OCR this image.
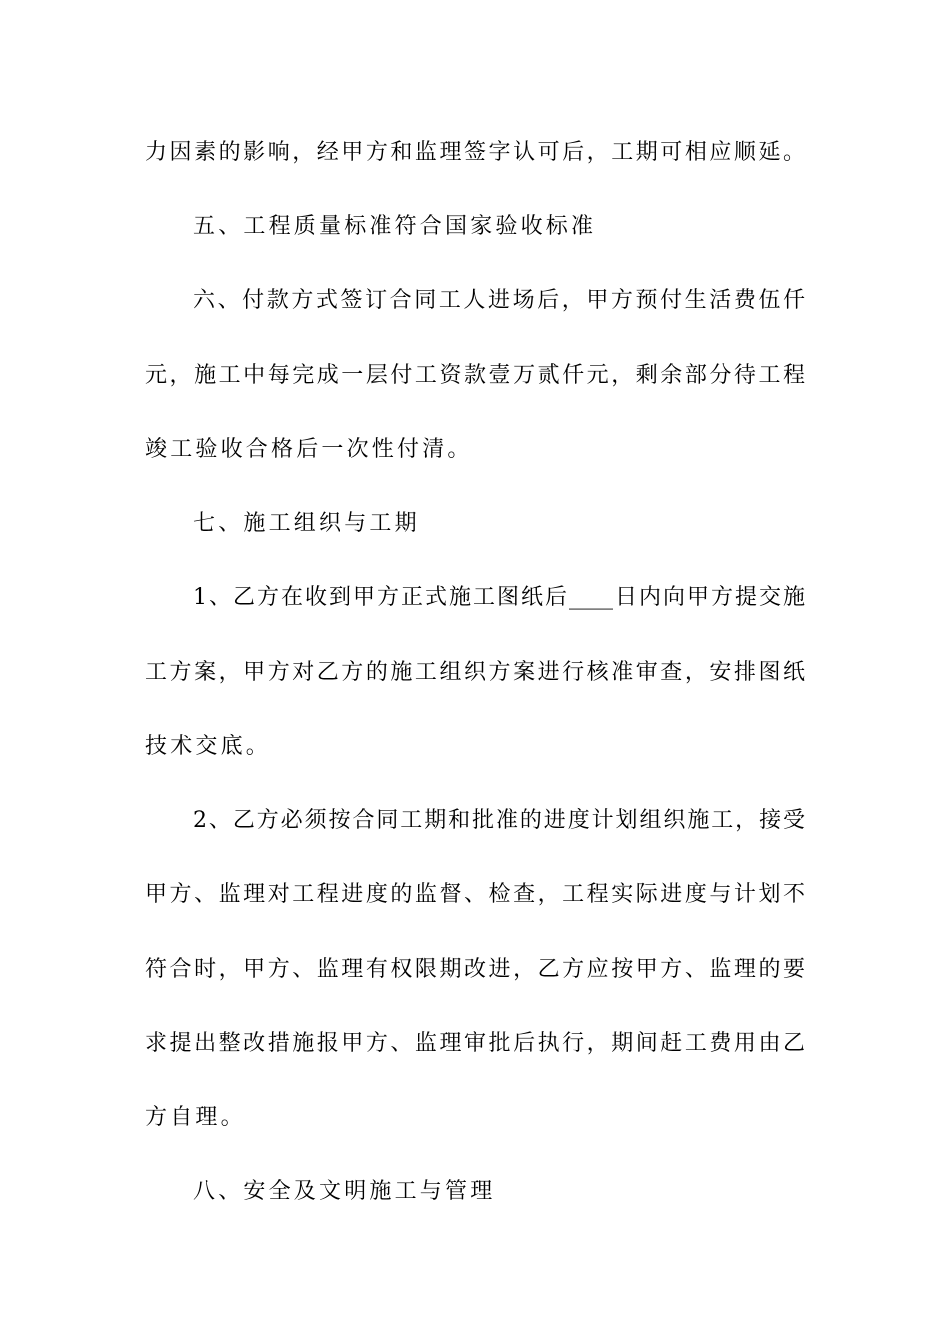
力因素的影响，经甲方和监理签字认可后，工期可相应顺延。
五、工程质量标准符合国家验收标准
六、付款方式签订合同工人进场后，甲方预付生活费伍仟
元，施工中每完成一层付工资款壹万贰仟元，剩余部分待工程
竣工验收合格后一次性付清。
七、施工组织与工期
1、乙方在收到甲方正式施工图纸后____日内向甲方提交施
工方案，甲方对乙方的施工组织方案进行核准审查，安排图纸
技术交底。
2、乙方必须按合同工期和批准的进度计划组织施工，接受
甲方、监理对工程进度的监督、检查，工程实际进度与计划不
符合时，甲方、监理有权限期改进，乙方应按甲方、监理的要
求提出整改措施报甲方、监理审批后执行，期间赶工费用由乙
方自理。
八、安全及文明施工与管理
